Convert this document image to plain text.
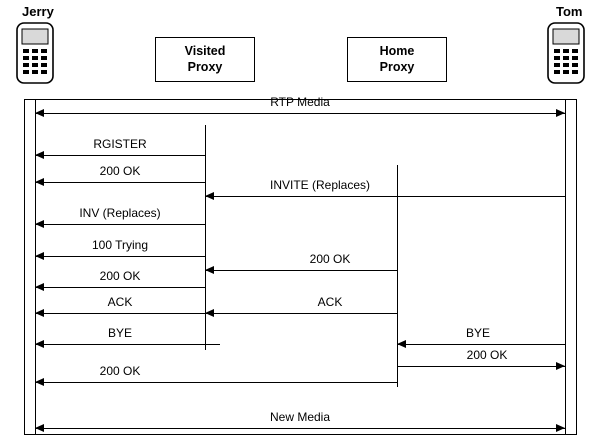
Jerry	Tom
Visited
Proxy
Home
Proxy
RTP Media
RGISTER
200 OK
INVITE (Replaces)
INV (Replaces)
100 Trying
200 OK
200 OK
ACK	ACK
BYE	BYE
200 OK
200 OK
New Media
